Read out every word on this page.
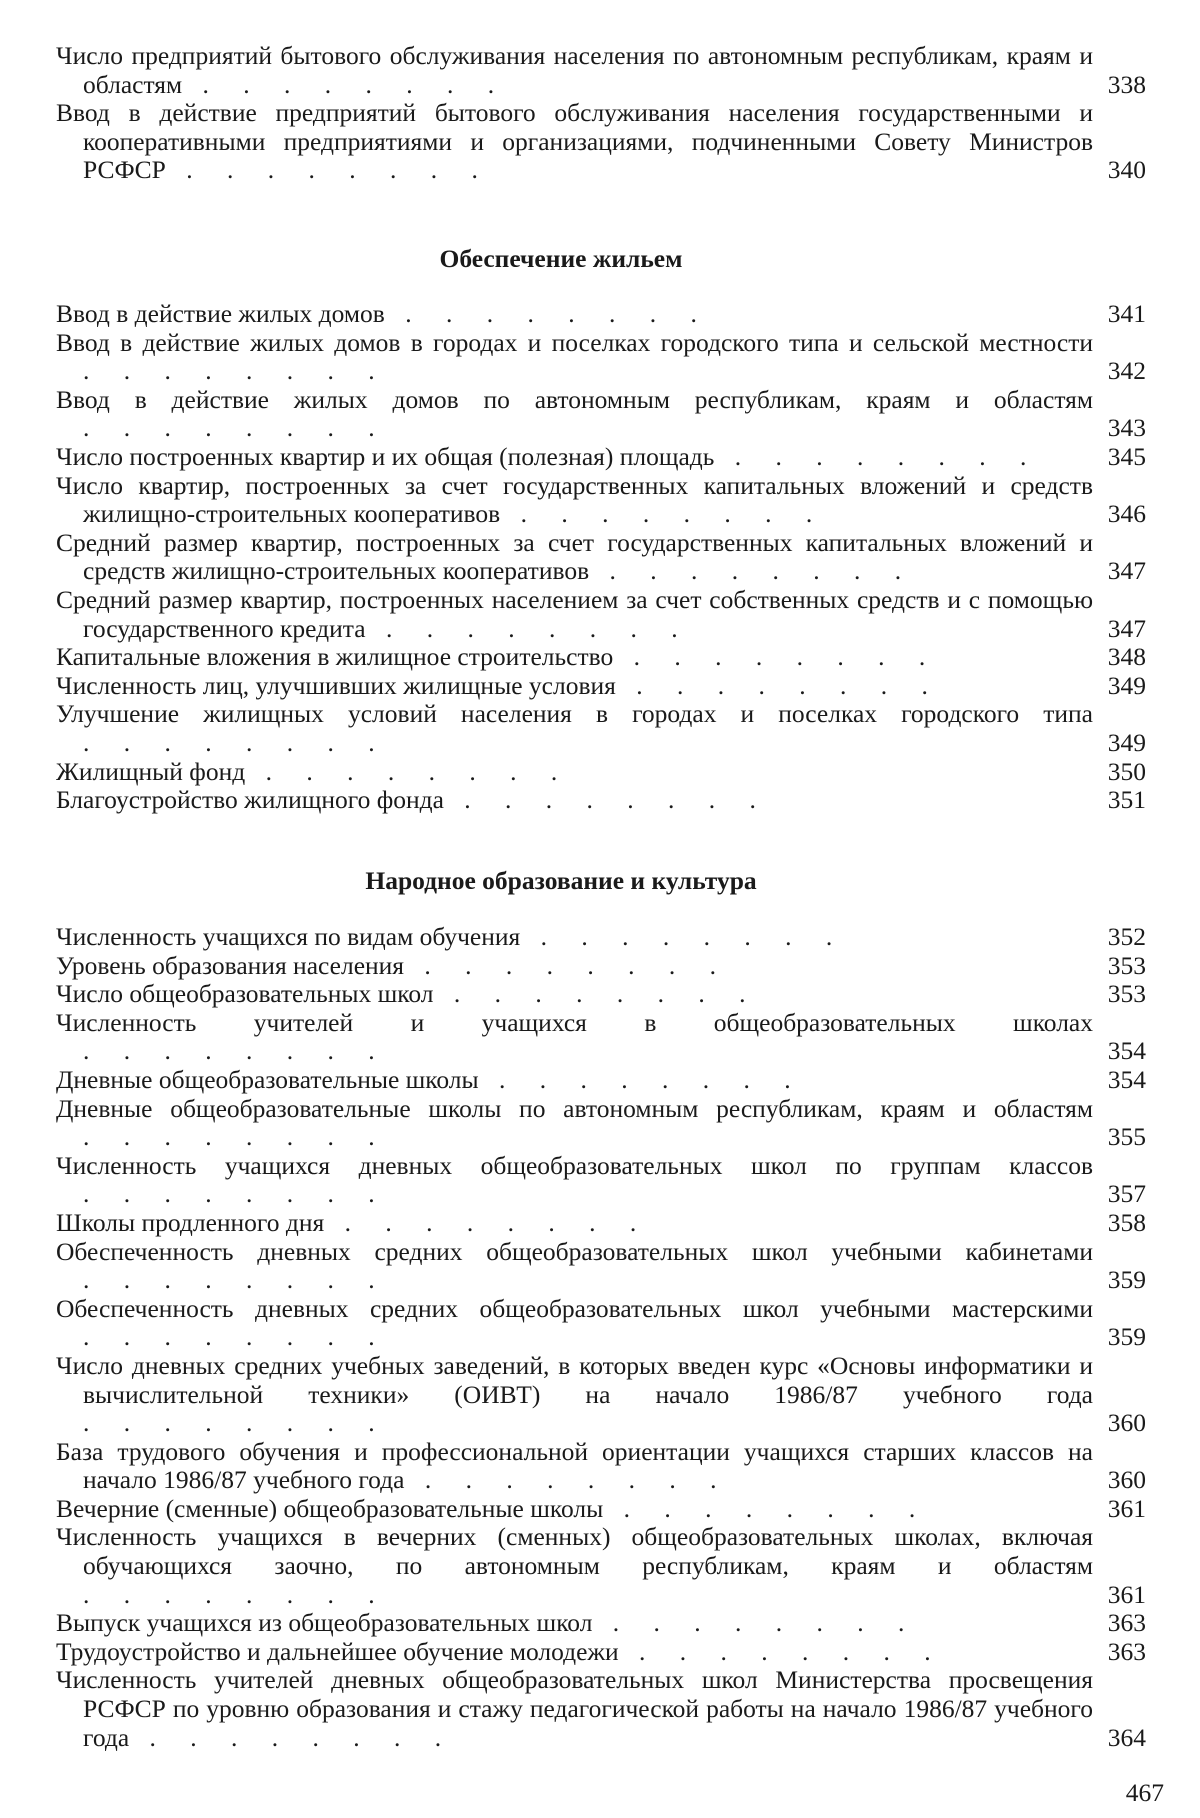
Число предприятий бытового обслуживания населения по автономным республикам, краям и областям . . . . . . . .	338
Ввод в действие предприятий бытового обслуживания населения государственными и кооперативными предприятиями и организациями, подчиненными Совету Министров РСФСР . . . . . . . .	340
Обеспечение жильем
Ввод в действие жилых домов . . . . . . . .	341
Ввод в действие жилых домов в городах и поселках городского типа и сельской местности . . . . . . . .	342
Ввод в действие жилых домов по автономным республикам, краям и областям . . . . . . . .	343
Число построенных квартир и их общая (полезная) площадь . . . . . . . .	345
Число квартир, построенных за счет государственных капитальных вложений и средств жилищно-строительных кооперативов . . . . . . . .	346
Средний размер квартир, построенных за счет государственных капитальных вложений и средств жилищно-строительных кооперативов . . . . . . . .	347
Средний размер квартир, построенных населением за счет собственных средств и с помощью государственного кредита . . . . . . . .	347
Капитальные вложения в жилищное строительство . . . . . . . .	348
Численность лиц, улучшивших жилищные условия . . . . . . . .	349
Улучшение жилищных условий населения в городах и поселках городского типа . . . . . . . .	349
Жилищный фонд . . . . . . . .	350
Благоустройство жилищного фонда . . . . . . . .	351
Народное образование и культура
Численность учащихся по видам обучения . . . . . . . .	352
Уровень образования населения . . . . . . . .	353
Число общеобразовательных школ . . . . . . . .	353
Численность учителей и учащихся в общеобразовательных школах . . . . . . . .	354
Дневные общеобразовательные школы . . . . . . . .	354
Дневные общеобразовательные школы по автономным республикам, краям и областям . . . . . . . .	355
Численность учащихся дневных общеобразовательных школ по группам классов . . . . . . . .	357
Школы продленного дня . . . . . . . .	358
Обеспеченность дневных средних общеобразовательных школ учебными кабинетами . . . . . . . .	359
Обеспеченность дневных средних общеобразовательных школ учебными мастерскими . . . . . . . .	359
Число дневных средних учебных заведений, в которых введен курс «Основы информатики и вычислительной техники» (ОИВТ) на начало 1986/87 учебного года . . . . . . . .	360
База трудового обучения и профессиональной ориентации учащихся старших классов на начало 1986/87 учебного года . . . . . . . .	360
Вечерние (сменные) общеобразовательные школы . . . . . . . .	361
Численность учащихся в вечерних (сменных) общеобразовательных школах, включая обучающихся заочно, по автономным республикам, краям и областям . . . . . . . .	361
Выпуск учащихся из общеобразовательных школ . . . . . . . .	363
Трудоустройство и дальнейшее обучение молодежи . . . . . . . .	363
Численность учителей дневных общеобразовательных школ Министерства просвещения РСФСР по уровню образования и стажу педагогической работы на начало 1986/87 учебного года . . . . . . . .	364
467
